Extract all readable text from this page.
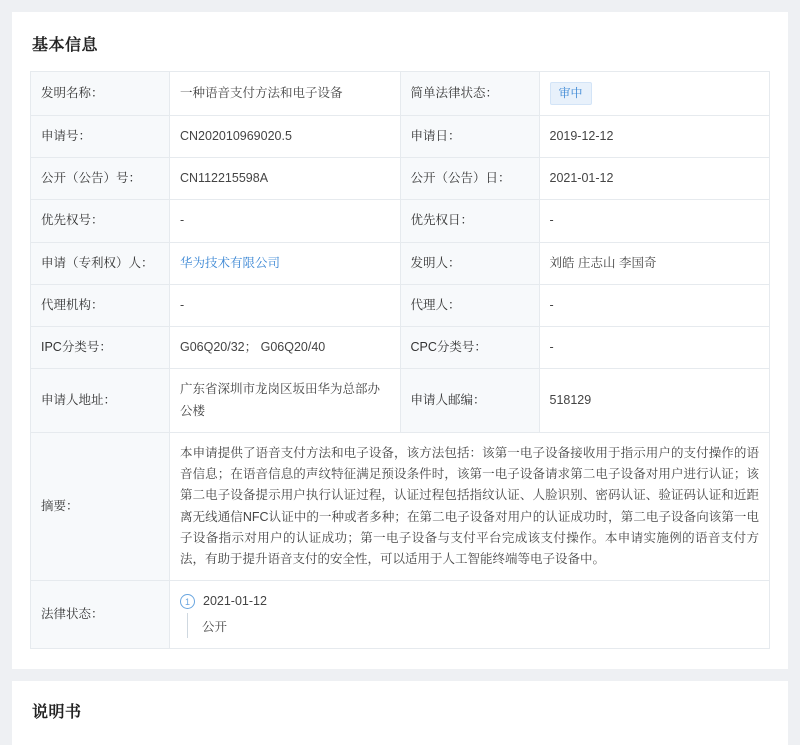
基本信息
发明名称：	一种语音支付方法和电子设备	简单法律状态：	审中
申请号：	CN202010969020.5	申请日：	2019-12-12
公开（公告）号：	CN112215598A	公开（公告）日：	2021-01-12
优先权号：	-	优先权日：	-
申请（专利权）人：	华为技术有限公司	发明人：	刘皓 庄志山 李国奇
代理机构：	-	代理人：	-
IPC分类号：	G06Q20/32； G06Q20/40	CPC分类号：	-
申请人地址：	广东省深圳市龙岗区坂田华为总部办公楼	申请人邮编：	518129
摘要：	本申请提供了语音支付方法和电子设备，该方法包括：该第一电子设备接收用于指示用户的支付操作的语音信息；在语音信息的声纹特征满足预设条件时，该第一电子设备请求第二电子设备对用户进行认证；该第二电子设备提示用户执行认证过程，认证过程包括指纹认证、人脸识别、密码认证、验证码认证和近距离无线通信NFC认证中的一种或者多种；在第二电子设备对用户的认证成功时，第二电子设备向该第一电子设备指示对用户的认证成功；第一电子设备与支付平台完成该支付操作。本申请实施例的语音支付方法，有助于提升语音支付的安全性，可以适用于人工智能终端等电子设备中。		
法律状态：	1 2021-01-12
公开		
说明书
